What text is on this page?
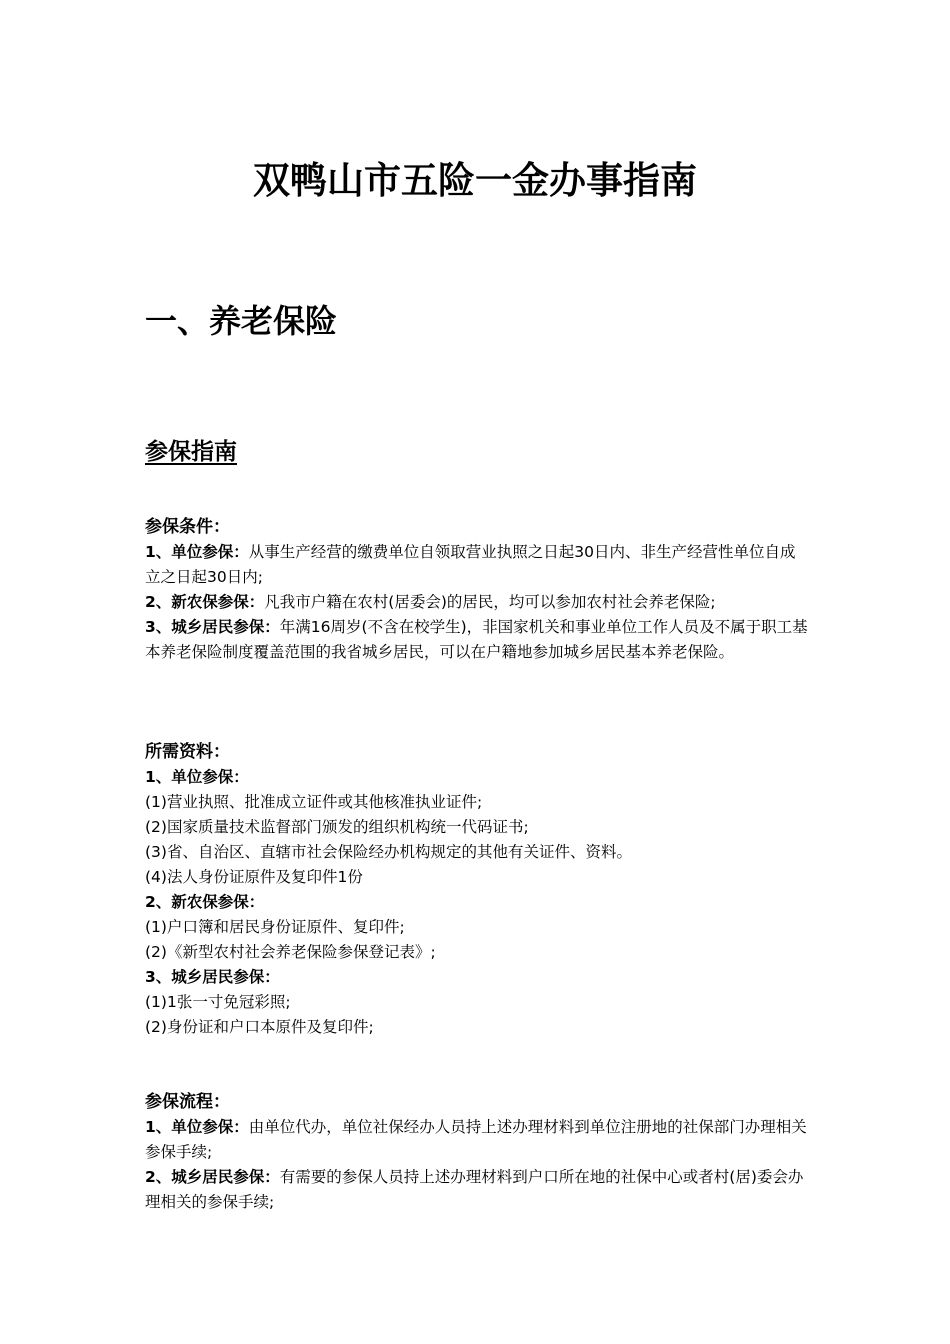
双鸭山市五险一金办事指南
一、养老保险
参保指南

参保条件：

1、单位参保：从事生产经营的缴费单位自领取营业执照之日起30日内、非生产经营性单位自成立之日起30日内;

2、新农保参保：凡我市户籍在农村(居委会)的居民，均可以参加农村社会养老保险;

3、城乡居民参保：年满16周岁(不含在校学生)，非国家机关和事业单位工作人员及不属于职工基本养老保险制度覆盖范围的我省城乡居民，可以在户籍地参加城乡居民基本养老保险。

所需资料：

1、单位参保：

(1)营业执照、批准成立证件或其他核准执业证件;

(2)国家质量技术监督部门颁发的组织机构统一代码证书;

(3)省、自治区、直辖市社会保险经办机构规定的其他有关证件、资料。

(4)法人身份证原件及复印件1份

2、新农保参保：

(1)户口簿和居民身份证原件、复印件;

(2)《新型农村社会养老保险参保登记表》;

3、城乡居民参保：

(1)1张一寸免冠彩照;

(2)身份证和户口本原件及复印件;

参保流程：

1、单位参保：由单位代办，单位社保经办人员持上述办理材料到单位注册地的社保部门办理相关参保手续;

2、城乡居民参保：有需要的参保人员持上述办理材料到户口所在地的社保中心或者村(居)委会办理相关的参保手续;
